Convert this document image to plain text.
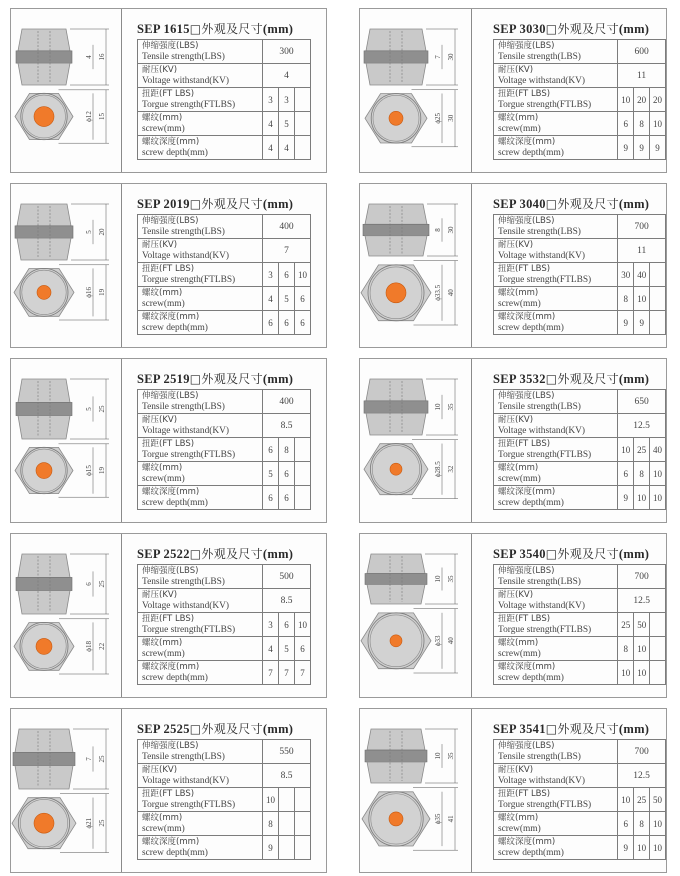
4 16
ϕ12 15
SEP 1615□外观及尺寸(mm)
伸缩强度(LBS)
Tensile strength(LBS)	300		
耐压(KV)
Voltage withstand(KV)	4		
扭距(FT LBS)
Torgue strength(FTLBS)	3	3	
螺纹(mm)
screw(mm)	4	5	
螺纹深度(mm)
screw depth(mm)	4	4	
7 30
ϕ25 30
SEP 3030□外观及尺寸(mm)
伸缩强度(LBS)
Tensile strength(LBS)	600		
耐压(KV)
Voltage withstand(KV)	11		
扭距(FT LBS)
Torgue strength(FTLBS)	10	20	20
螺纹(mm)
screw(mm)	6	8	10
螺纹深度(mm)
screw depth(mm)	9	9	9
5 20
ϕ16 19
SEP 2019□外观及尺寸(mm)
伸缩强度(LBS)
Tensile strength(LBS)	400		
耐压(KV)
Voltage withstand(KV)	7		
扭距(FT LBS)
Torgue strength(FTLBS)	3	6	10
螺纹(mm)
screw(mm)	4	5	6
螺纹深度(mm)
screw depth(mm)	6	6	6
8 30
ϕ33.5 40
SEP 3040□外观及尺寸(mm)
伸缩强度(LBS)
Tensile strength(LBS)	700		
耐压(KV)
Voltage withstand(KV)	11		
扭距(FT LBS)
Torgue strength(FTLBS)	30	40	
螺纹(mm)
screw(mm)	8	10	
螺纹深度(mm)
screw depth(mm)	9	9	
5 25
ϕ15 19
SEP 2519□外观及尺寸(mm)
伸缩强度(LBS)
Tensile strength(LBS)	400		
耐压(KV)
Voltage withstand(KV)	8.5		
扭距(FT LBS)
Torgue strength(FTLBS)	6	8	
螺纹(mm)
screw(mm)	5	6	
螺纹深度(mm)
screw depth(mm)	6	6	
10 35
ϕ28.5 32
SEP 3532□外观及尺寸(mm)
伸缩强度(LBS)
Tensile strength(LBS)	650		
耐压(KV)
Voltage withstand(KV)	12.5		
扭距(FT LBS)
Torgue strength(FTLBS)	10	25	40
螺纹(mm)
screw(mm)	6	8	10
螺纹深度(mm)
screw depth(mm)	9	10	10
6 25
ϕ18 22
SEP 2522□外观及尺寸(mm)
伸缩强度(LBS)
Tensile strength(LBS)	500		
耐压(KV)
Voltage withstand(KV)	8.5		
扭距(FT LBS)
Torgue strength(FTLBS)	3	6	10
螺纹(mm)
screw(mm)	4	5	6
螺纹深度(mm)
screw depth(mm)	7	7	7
10 35
ϕ33 40
SEP 3540□外观及尺寸(mm)
伸缩强度(LBS)
Tensile strength(LBS)	700		
耐压(KV)
Voltage withstand(KV)	12.5		
扭距(FT LBS)
Torgue strength(FTLBS)	25	50	
螺纹(mm)
screw(mm)	8	10	
螺纹深度(mm)
screw depth(mm)	10	10	
7 25
ϕ21 25
SEP 2525□外观及尺寸(mm)
伸缩强度(LBS)
Tensile strength(LBS)	550		
耐压(KV)
Voltage withstand(KV)	8.5		
扭距(FT LBS)
Torgue strength(FTLBS)	10		
螺纹(mm)
screw(mm)	8		
螺纹深度(mm)
screw depth(mm)	9		
10 35
ϕ35 41
SEP 3541□外观及尺寸(mm)
伸缩强度(LBS)
Tensile strength(LBS)	700		
耐压(KV)
Voltage withstand(KV)	12.5		
扭距(FT LBS)
Torgue strength(FTLBS)	10	25	50
螺纹(mm)
screw(mm)	6	8	10
螺纹深度(mm)
screw depth(mm)	9	10	10
